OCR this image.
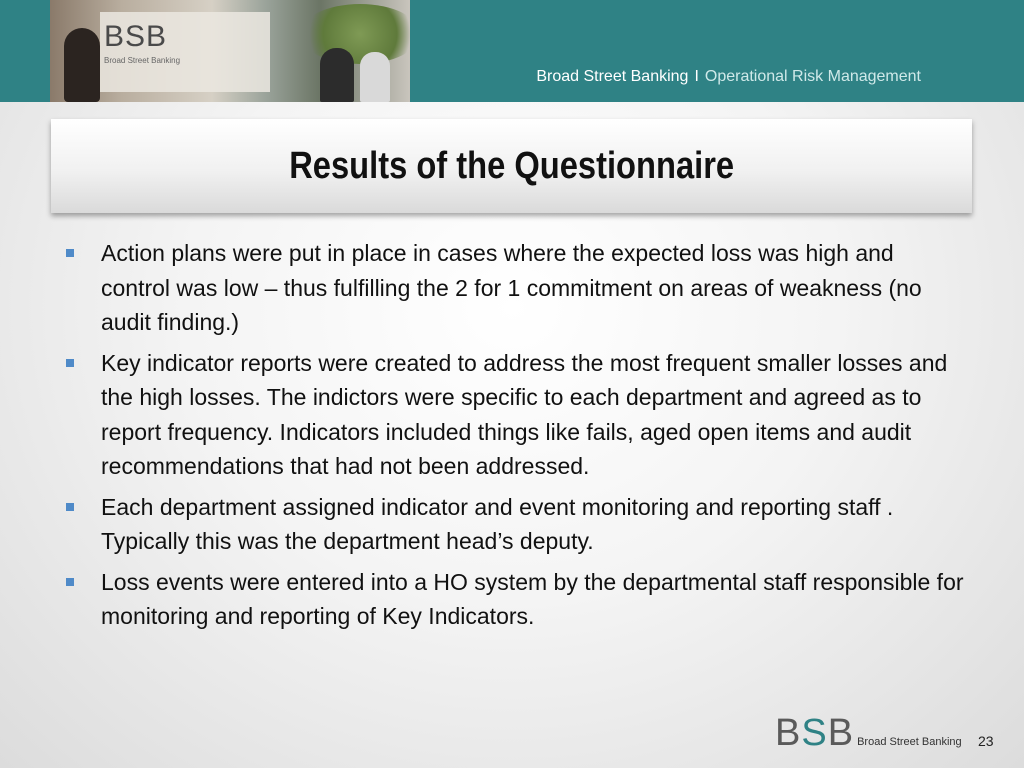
BSB
Broad Street Banking
Broad Street Banking I Operational Risk Management
Results of the Questionnaire
Action plans were put in place in cases where the expected loss was high and control was low – thus fulfilling the 2 for 1 commitment on areas of weakness (no audit finding.)
Key indicator reports were created to address the most frequent smaller losses and the high losses. The indictors were specific to each department and agreed as to report frequency. Indicators included things like fails, aged open items and audit recommendations that had not been addressed.
Each department assigned indicator and event monitoring and reporting staff . Typically this was the department head’s deputy.
Loss events were entered into a HO system by the departmental staff responsible for monitoring and reporting of Key Indicators.
BSB Broad Street Banking 23
